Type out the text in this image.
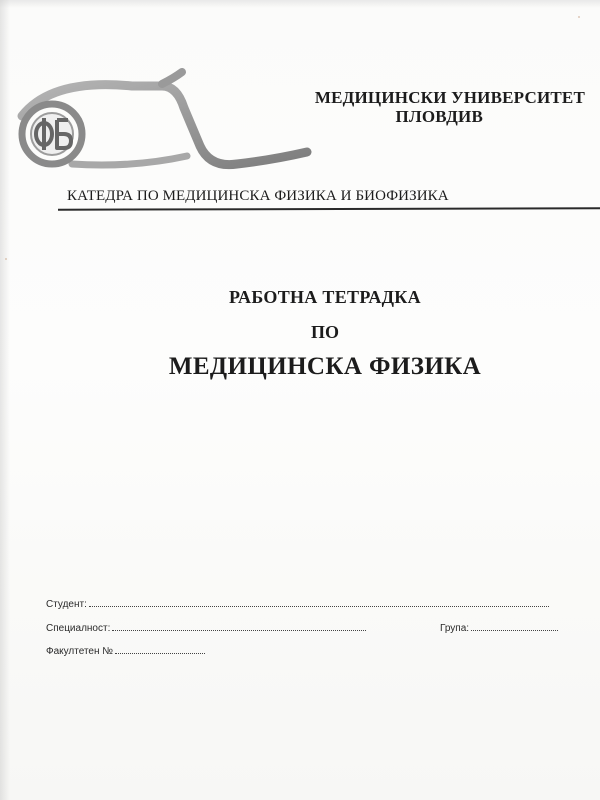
МЕДИЦИНСКИ УНИВЕРСИТЕТ
ПЛОВДИВ
КАТЕДРА ПО МЕДИЦИНСКА ФИЗИКА И БИОФИЗИКА
РАБОТНА ТЕТРАДКА
ПО
МЕДИЦИНСКА ФИЗИКА
Студент:
Специалност:	Група:
Факултетен №
